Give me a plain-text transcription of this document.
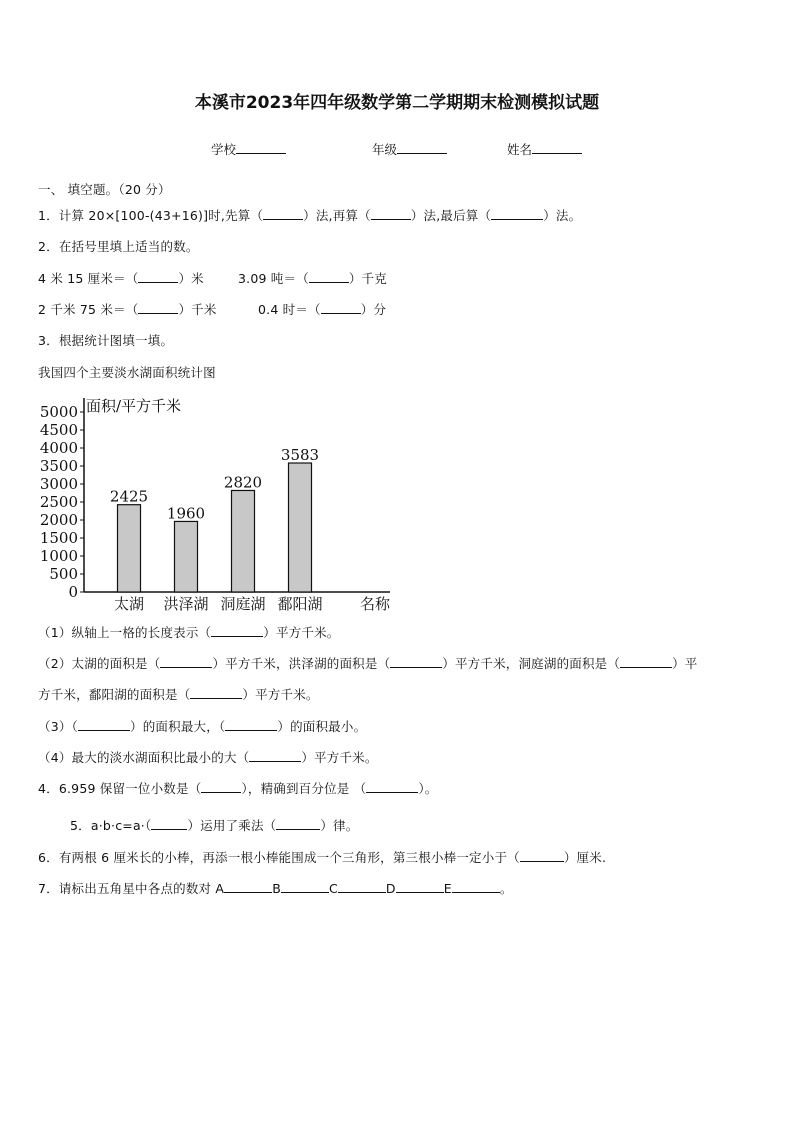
本溪市2023年四年级数学第二学期期末检测模拟试题
学校	年级	姓名
一、 填空题。（20 分）
1．计算 20×[100-(43+16)]时,先算（	）法,再算（	）法,最后算（	）法。
2．在括号里填上适当的数。
4 米 15 厘米＝（	）米	3.09 吨＝（	）千克
2 千米 75 米＝（	）千米	0.4 时＝（	）分
3．根据统计图填一填。
我国四个主要淡水湖面积统计图
0
500
1000
1500
2000
2500
3000
3500
4000
4500
5000 面积/平方千米
名称
2425
太湖
1960
洪泽湖
2820
洞庭湖
3583
鄱阳湖
（1）纵轴上一格的长度表示（	）平方千米。
（2）太湖的面积是（	）平方千米，洪泽湖的面积是（	）平方千米，洞庭湖的面积是（	）平
方千米，鄱阳湖的面积是（	）平方千米。
（3）（	）的面积最大，（	）的面积最小。
（4）最大的淡水湖面积比最小的大（	）平方千米。
4．6.959 保留一位小数是（	），精确到百分位是 （	）。
5．a·b·c=a·（	）运用了乘法（	）律。
6．有两根 6 厘米长的小棒，再添一根小棒能围成一个三角形，第三根小棒一定小于（	）厘米.
7．请标出五角星中各点的数对 A	B	C	D	E	。
